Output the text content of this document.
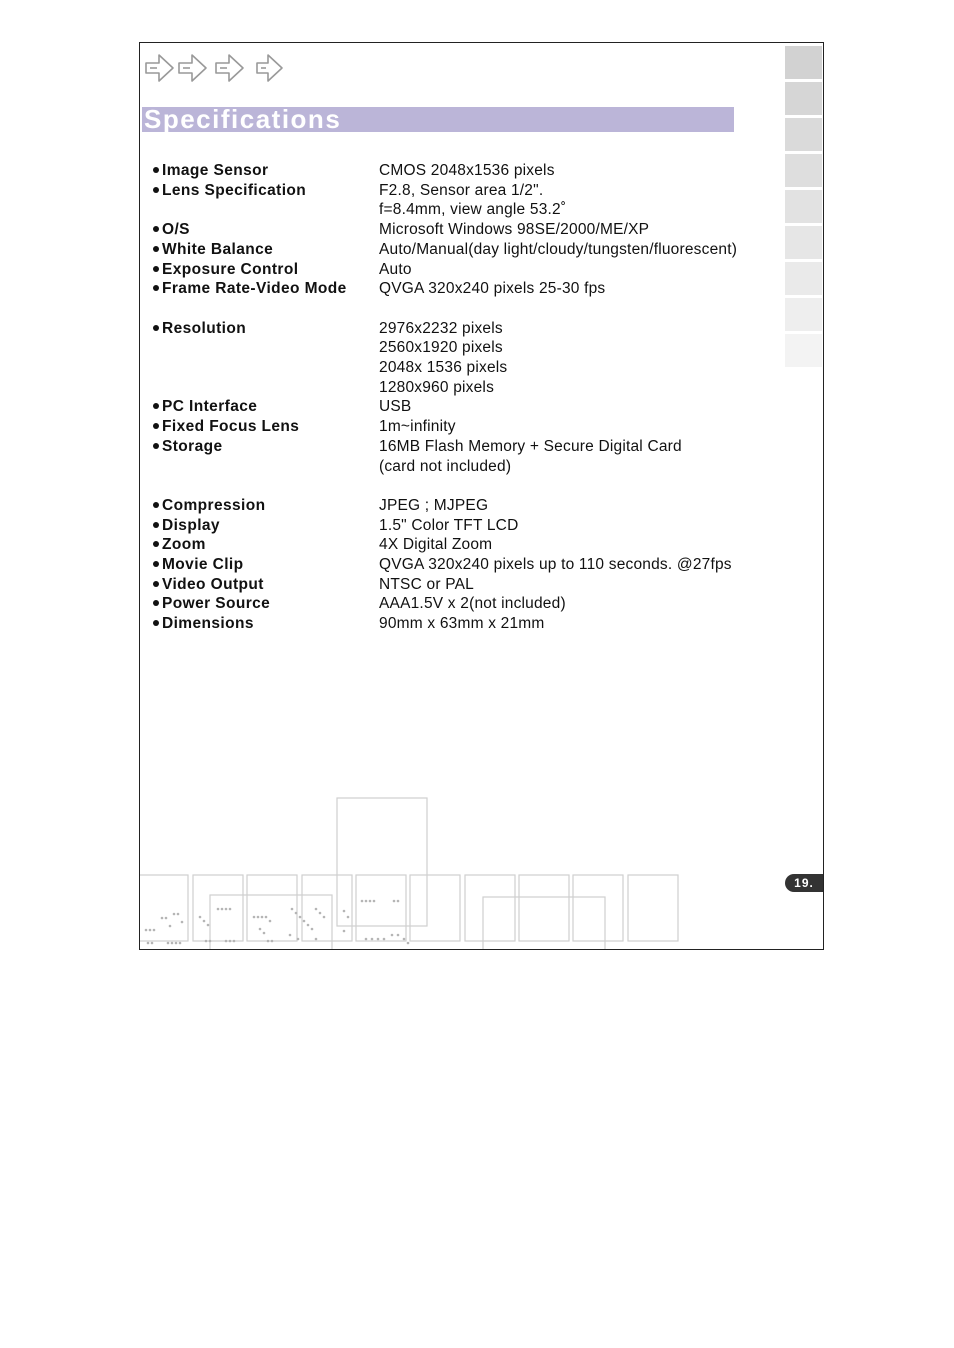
Specifications
Image Sensor	CMOS 2048x1536 pixels
Lens Specification	F2.8, Sensor area 1/2".
f=8.4mm, view angle 53.2˚
O/S	Microsoft Windows 98SE/2000/ME/XP
White Balance	Auto/Manual(day light/cloudy/tungsten/fluorescent)
Exposure Control	Auto
Frame Rate-Video Mode	QVGA 320x240 pixels 25-30 fps
Resolution	2976x2232 pixels
2560x1920 pixels
2048x 1536 pixels
1280x960 pixels
PC Interface	USB
Fixed Focus Lens	1m~infinity
Storage	16MB Flash Memory + Secure Digital Card
(card not included)
Compression	JPEG ; MJPEG
Display	1.5" Color TFT LCD
Zoom	4X Digital Zoom
Movie Clip	QVGA 320x240 pixels up to 110 seconds. @27fps
Video Output	NTSC or PAL
Power Source	AAA1.5V x 2(not included)
Dimensions	90mm x 63mm x 21mm
19.
